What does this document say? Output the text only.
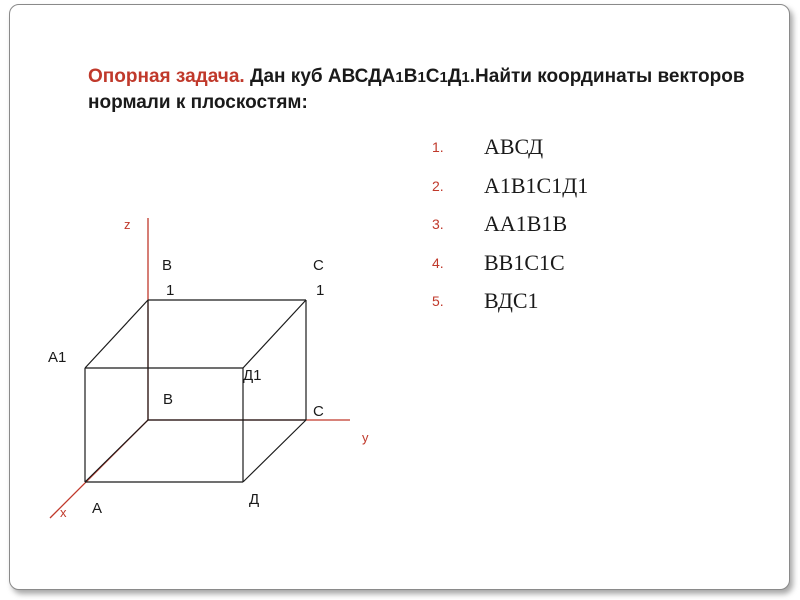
Опорная задача. Дан куб АВСДА1В1С1Д1.Найти координаты векторов нормали к плоскостям:
1. АВСД
2. А1В1С1Д1
3. АА1В1В
4. ВВ1С1С
5. ВДС1
z
y
x
В
1
С
1
А1
Д1
В
С
А
Д
